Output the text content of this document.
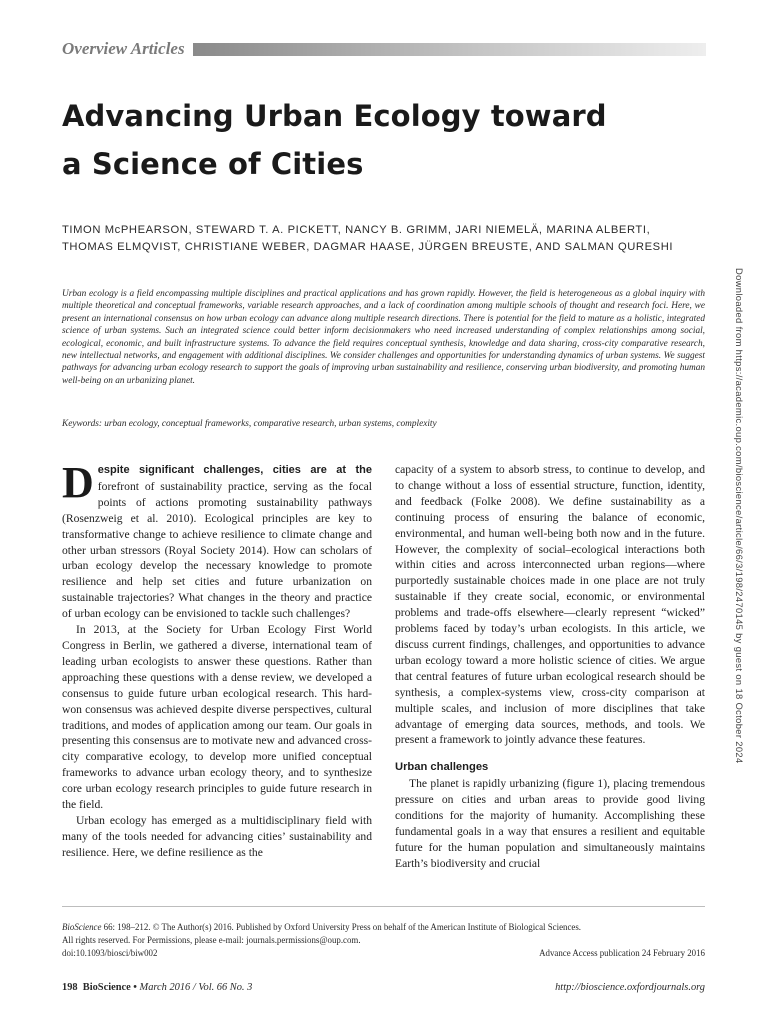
Overview Articles
Advancing Urban Ecology toward
a Science of Cities
TIMON McPHEARSON, STEWARD T. A. PICKETT, NANCY B. GRIMM, JARI NIEMELÄ, MARINA ALBERTI,
THOMAS ELMQVIST, CHRISTIANE WEBER, DAGMAR HAASE, JÜRGEN BREUSTE, AND SALMAN QURESHI
Urban ecology is a field encompassing multiple disciplines and practical applications and has grown rapidly. However, the field is heterogeneous as a global inquiry with multiple theoretical and conceptual frameworks, variable research approaches, and a lack of coordination among multiple schools of thought and research foci. Here, we present an international consensus on how urban ecology can advance along multiple research directions. There is potential for the field to mature as a holistic, integrated science of urban systems. Such an integrated science could better inform decisionmakers who need increased understanding of complex relationships among social, ecological, economic, and built infrastructure systems. To advance the field requires conceptual synthesis, knowledge and data sharing, cross-city comparative research, new intellectual networks, and engagement with additional disciplines. We consider challenges and opportunities for understanding dynamics of urban systems. We suggest pathways for advancing urban ecology research to support the goals of improving urban sustainability and resilience, conserving urban biodiversity, and promoting human well-being on an urbanizing planet.
Keywords: urban ecology, conceptual frameworks, comparative research, urban systems, complexity

Despite significant challenges, cities are at the forefront of sustainability practice, serving as the focal points of actions promoting sustainability pathways (Rosenzweig et al. 2010). Ecological principles are key to transformative change to achieve resilience to climate change and other urban stressors (Royal Society 2014). How can scholars of urban ecology develop the necessary knowledge to promote resilience and help set cities and future urbanization on sustainable trajectories? What changes in the theory and practice of urban ecology can be envisioned to tackle such challenges?

In 2013, at the Society for Urban Ecology First World Congress in Berlin, we gathered a diverse, international team of leading urban ecologists to answer these questions. Rather than approaching these questions with a dense review, we developed a consensus to guide future urban ecological research. This hard-won consensus was achieved despite diverse perspectives, cultural traditions, and modes of application among our team. Our goals in presenting this consensus are to motivate new and advanced cross-city comparative ecology, to develop more unified conceptual frameworks to advance urban ecology theory, and to synthesize core urban ecology research principles to guide future research in the field.

Urban ecology has emerged as a multidisciplinary field with many of the tools needed for advancing cities’ sustainability and resilience. Here, we define resilience as the

capacity of a system to absorb stress, to continue to develop, and to change without a loss of essential structure, function, identity, and feedback (Folke 2008). We define sustainability as a continuing process of ensuring the balance of economic, environmental, and human well-being both now and in the future. However, the complexity of social–ecological interactions both within cities and across interconnected urban regions—where purportedly sustainable choices made in one place are not truly sustainable if they create social, economic, or environmental problems and trade-offs elsewhere—clearly represent “wicked” problems faced by today’s urban ecologists. In this article, we discuss current findings, challenges, and opportunities to advance urban ecology toward a more holistic science of cities. We argue that central features of future urban ecological research should be synthesis, a complex-systems view, cross-city comparison at multiple scales, and inclusion of more disciplines that take advantage of emerging data sources, methods, and tools. We present a framework to jointly advance these features.

Urban challenges

The planet is rapidly urbanizing (figure 1), placing tremendous pressure on cities and urban areas to provide good living conditions for the majority of humanity. Accomplishing these fundamental goals in a way that ensures a resilient and equitable future for the human population and simultaneously maintains Earth’s biodiversity and crucial

Downloaded from https://academic.oup.com/bioscience/article/66/3/198/2470145 by guest on 18 October 2024
BioScience 66: 198–212. © The Author(s) 2016. Published by Oxford University Press on behalf of the American Institute of Biological Sciences.
All rights reserved. For Permissions, please e-mail: journals.permissions@oup.com.
doi:10.1093/biosci/biw002	Advance Access publication 24 February 2016
198 BioScience • March 2016 / Vol. 66 No. 3	http://bioscience.oxfordjournals.org
